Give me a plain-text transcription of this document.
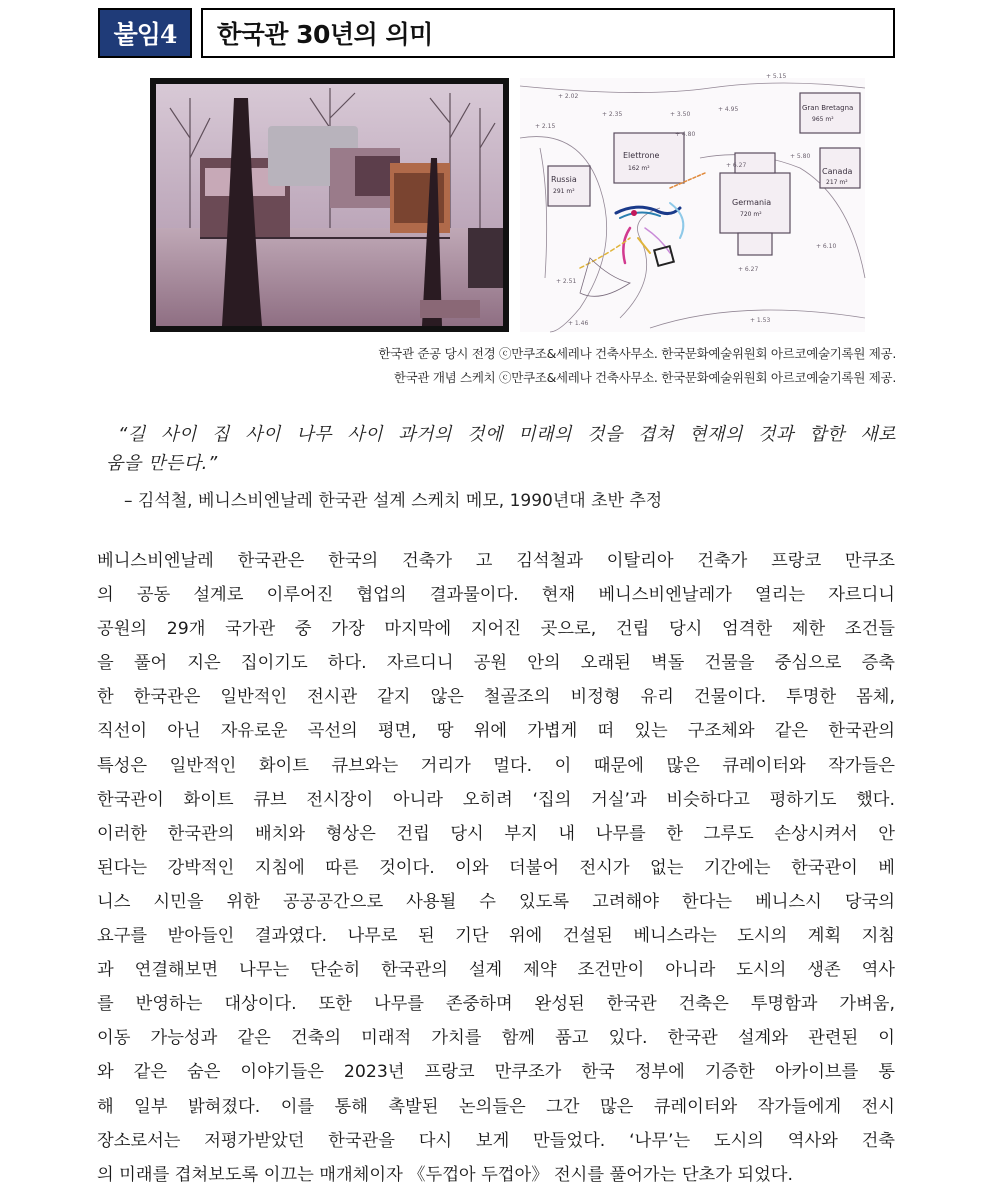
붙임4	한국관 30년의 의미
Elettrone
162 m²
Russia
291 m²
Germania
720 m²
Canada
217 m²
Gran Bretagna
965 m²
+ 2.02
+ 2.15
+ 2.35	+ 3.50
+ 4.95
+ 5.15
+ 4.80
+ 6.27
+ 5.80
+ 6.10
+ 6.27
+ 1.46	+ 1.53
+ 2.51
한국관 준공 당시 전경 ⓒ만쿠조&세레나 건축사무소. 한국문화예술위원회 아르코예술기록원 제공.
한국관 개념 스케치 ⓒ만쿠조&세레나 건축사무소. 한국문화예술위원회 아르코예술기록원 제공.
“길 사이 집 사이 나무 사이 과거의 것에 미래의 것을 겹쳐 현재의 것과 합한 새로
움을 만든다.”
– 김석철, 베니스비엔날레 한국관 설계 스케치 메모, 1990년대 초반 추정
베니스비엔날레 한국관은 한국의 건축가 고 김석철과 이탈리아 건축가 프랑코 만쿠조
의 공동 설계로 이루어진 협업의 결과물이다. 현재 베니스비엔날레가 열리는 자르디니
공원의 29개 국가관 중 가장 마지막에 지어진 곳으로, 건립 당시 엄격한 제한 조건들
을 풀어 지은 집이기도 하다. 자르디니 공원 안의 오래된 벽돌 건물을 중심으로 증축
한 한국관은 일반적인 전시관 같지 않은 철골조의 비정형 유리 건물이다. 투명한 몸체,
직선이 아닌 자유로운 곡선의 평면, 땅 위에 가볍게 떠 있는 구조체와 같은 한국관의
특성은 일반적인 화이트 큐브와는 거리가 멀다. 이 때문에 많은 큐레이터와 작가들은
한국관이 화이트 큐브 전시장이 아니라 오히려 ‘집의 거실’과 비슷하다고 평하기도 했다.
이러한 한국관의 배치와 형상은 건립 당시 부지 내 나무를 한 그루도 손상시켜서 안
된다는 강박적인 지침에 따른 것이다. 이와 더불어 전시가 없는 기간에는 한국관이 베
니스 시민을 위한 공공공간으로 사용될 수 있도록 고려해야 한다는 베니스시 당국의
요구를 받아들인 결과였다. 나무로 된 기단 위에 건설된 베니스라는 도시의 계획 지침
과 연결해보면 나무는 단순히 한국관의 설계 제약 조건만이 아니라 도시의 생존 역사
를 반영하는 대상이다. 또한 나무를 존중하며 완성된 한국관 건축은 투명함과 가벼움,
이동 가능성과 같은 건축의 미래적 가치를 함께 품고 있다. 한국관 설계와 관련된 이
와 같은 숨은 이야기들은 2023년 프랑코 만쿠조가 한국 정부에 기증한 아카이브를 통
해 일부 밝혀졌다. 이를 통해 촉발된 논의들은 그간 많은 큐레이터와 작가들에게 전시
장소로서는 저평가받았던 한국관을 다시 보게 만들었다. ‘나무’는 도시의 역사와 건축
의 미래를 겹쳐보도록 이끄는 매개체이자 《두껍아 두껍아》 전시를 풀어가는 단초가 되었다.
